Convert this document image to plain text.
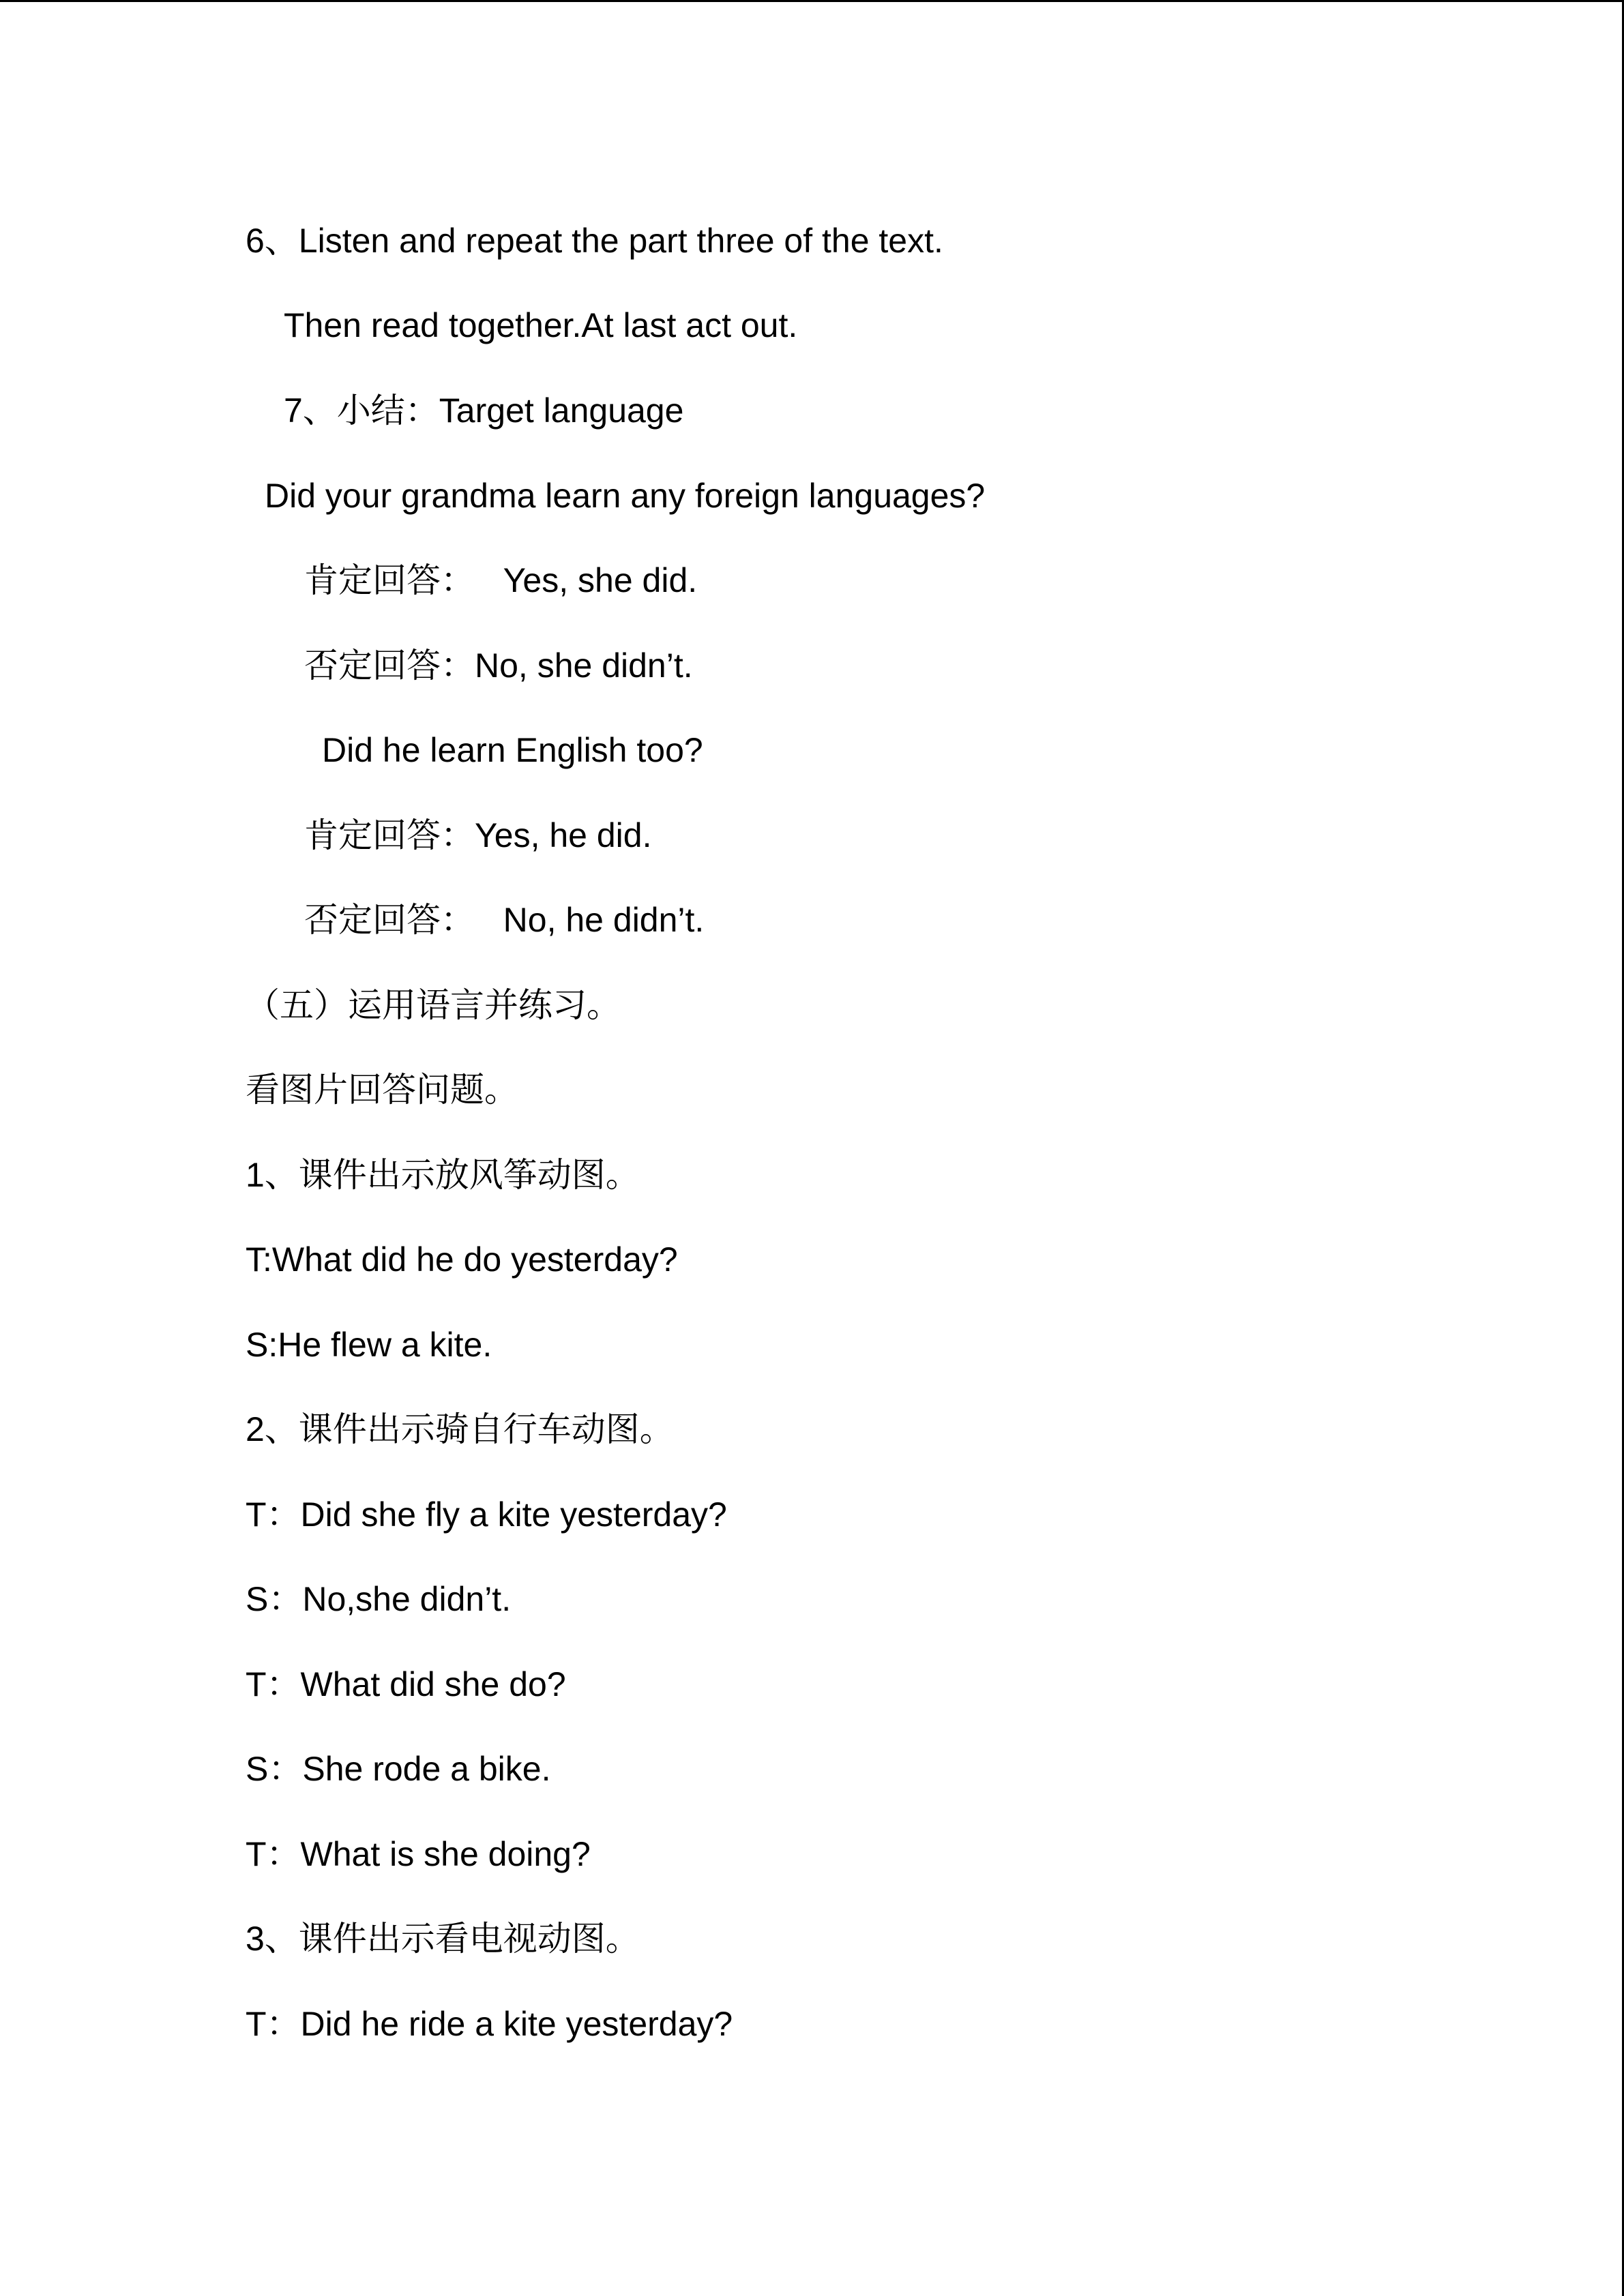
6、Listen and repeat the part three of the text.
Then read together.At last act out.
7、小结：Target language
Did your grandma learn any foreign languages?
肯定回答：   Yes, she did.
否定回答：No, she didn’t.
Did he learn English too?
肯定回答：Yes, he did.
否定回答：   No, he didn’t.
（五）运用语言并练习。
看图片回答问题。
1、课件出示放风筝动图。
T:What did he do yesterday?
S:He flew a kite.
2、课件出示骑自行车动图。
T：Did she fly a kite yesterday?
S：No,she didn’t.
T：What did she do?
S：She rode a bike.
T：What is she doing?
3、课件出示看电视动图。
T：Did he ride a kite yesterday?
